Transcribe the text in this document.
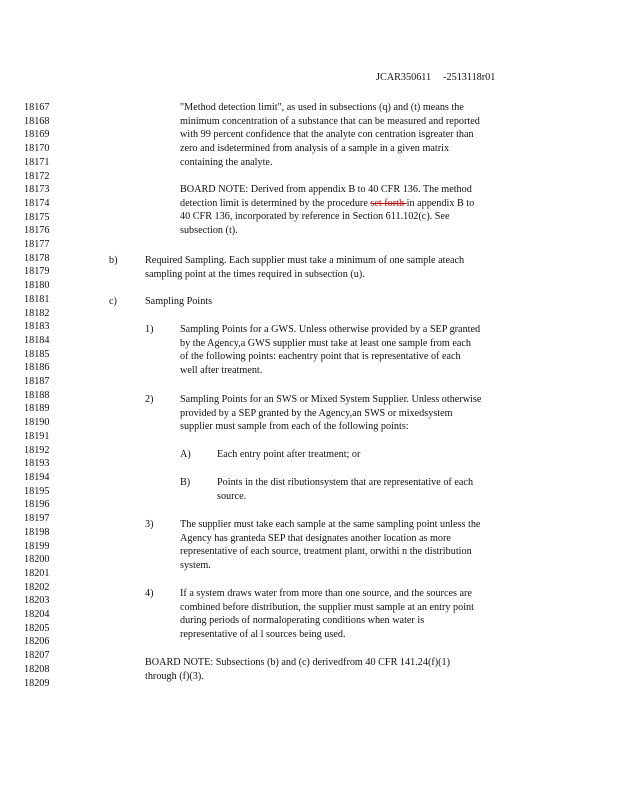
JCAR350611 -2513118r01
18167
18168
18169
18170
18171
18172
18173
18174
18175
18176
18177
18178
18179
18180
18181
18182
18183
18184
18185
18186
18187
18188
18189
18190
18191
18192
18193
18194
18195
18196
18197
18198
18199
18200
18201
18202
18203
18204
18205
18206
18207
18208
18209
"Method detection limit", as used in subsections (q) and (t) means the
minimum concentration of a substance that can be measured and reported
with 99 percent confidence that the analyte con centration isgreater than
zero and isdetermined from analysis of a sample in a given matrix
containing the analyte.
BOARD NOTE: Derived from appendix B to 40 CFR 136. The method
detection limit is determined by the procedure set forth in appendix B to
40 CFR 136, incorporated by reference in Section 611.102(c). See
subsection (t).
b)	Required Sampling. Each supplier must take a minimum of one sample ateach
sampling point at the times required in subsection (u).
c)	Sampling Points
1)	Sampling Points for a GWS. Unless otherwise provided by a SEP granted
by the Agency,a GWS supplier must take at least one sample from each
of the following points: eachentry point that is representative of each
well after treatment.
2)	Sampling Points for an SWS or Mixed System Supplier. Unless otherwise
provided by a SEP granted by the Agency,an SWS or mixedsystem
supplier must sample from each of the following points:
A)	Each entry point after treatment; or
B)	Points in the dist ributionsystem that are representative of each
source.
3)	The supplier must take each sample at the same sampling point unless the
Agency has granteda SEP that designates another location as more
representative of each source, treatment plant, orwithi n the distribution
system.
4)	If a system draws water from more than one source, and the sources are
combined before distribution, the supplier must sample at an entry point
during periods of normaloperating conditions when water is
representative of al l sources being used.
BOARD NOTE: Subsections (b) and (c) derivedfrom 40 CFR 141.24(f)(1)
through (f)(3).
